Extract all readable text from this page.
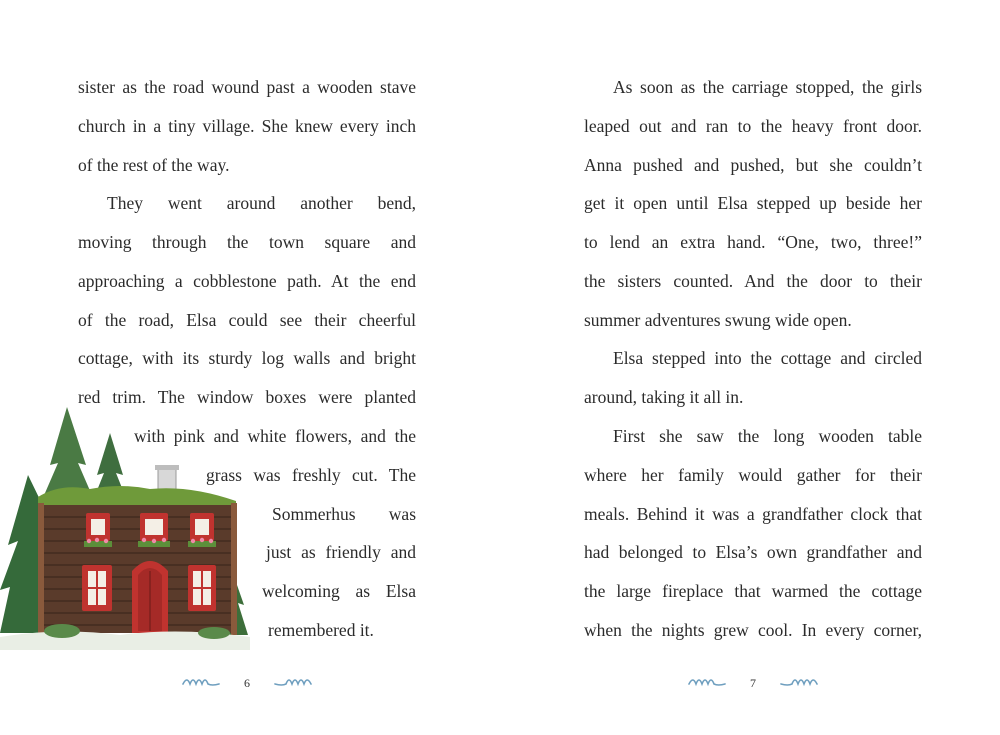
sister as the road wound past a wooden stave
church in a tiny village. She knew every inch
of the rest of the way.
They went around another bend,
moving through the town square and
approaching a cobblestone path. At the end
of the road, Elsa could see their cheerful
cottage, with its sturdy log walls and bright
red trim. The window boxes were planted
with pink and white flowers, and the
grass was freshly cut. The
Sommerhus was
just as friendly and
welcoming as Elsa
remembered it.
6
As soon as the carriage stopped, the girls
leaped out and ran to the heavy front door.
Anna pushed and pushed, but she couldn’t
get it open until Elsa stepped up beside her
to lend an extra hand. “One, two, three!”
the sisters counted. And the door to their
summer adventures swung wide open.
Elsa stepped into the cottage and circled
around, taking it all in.
First she saw the long wooden table
where her family would gather for their
meals. Behind it was a grandfather clock that
had belonged to Elsa’s own grandfather and
the large fireplace that warmed the cottage
when the nights grew cool. In every corner,
7
